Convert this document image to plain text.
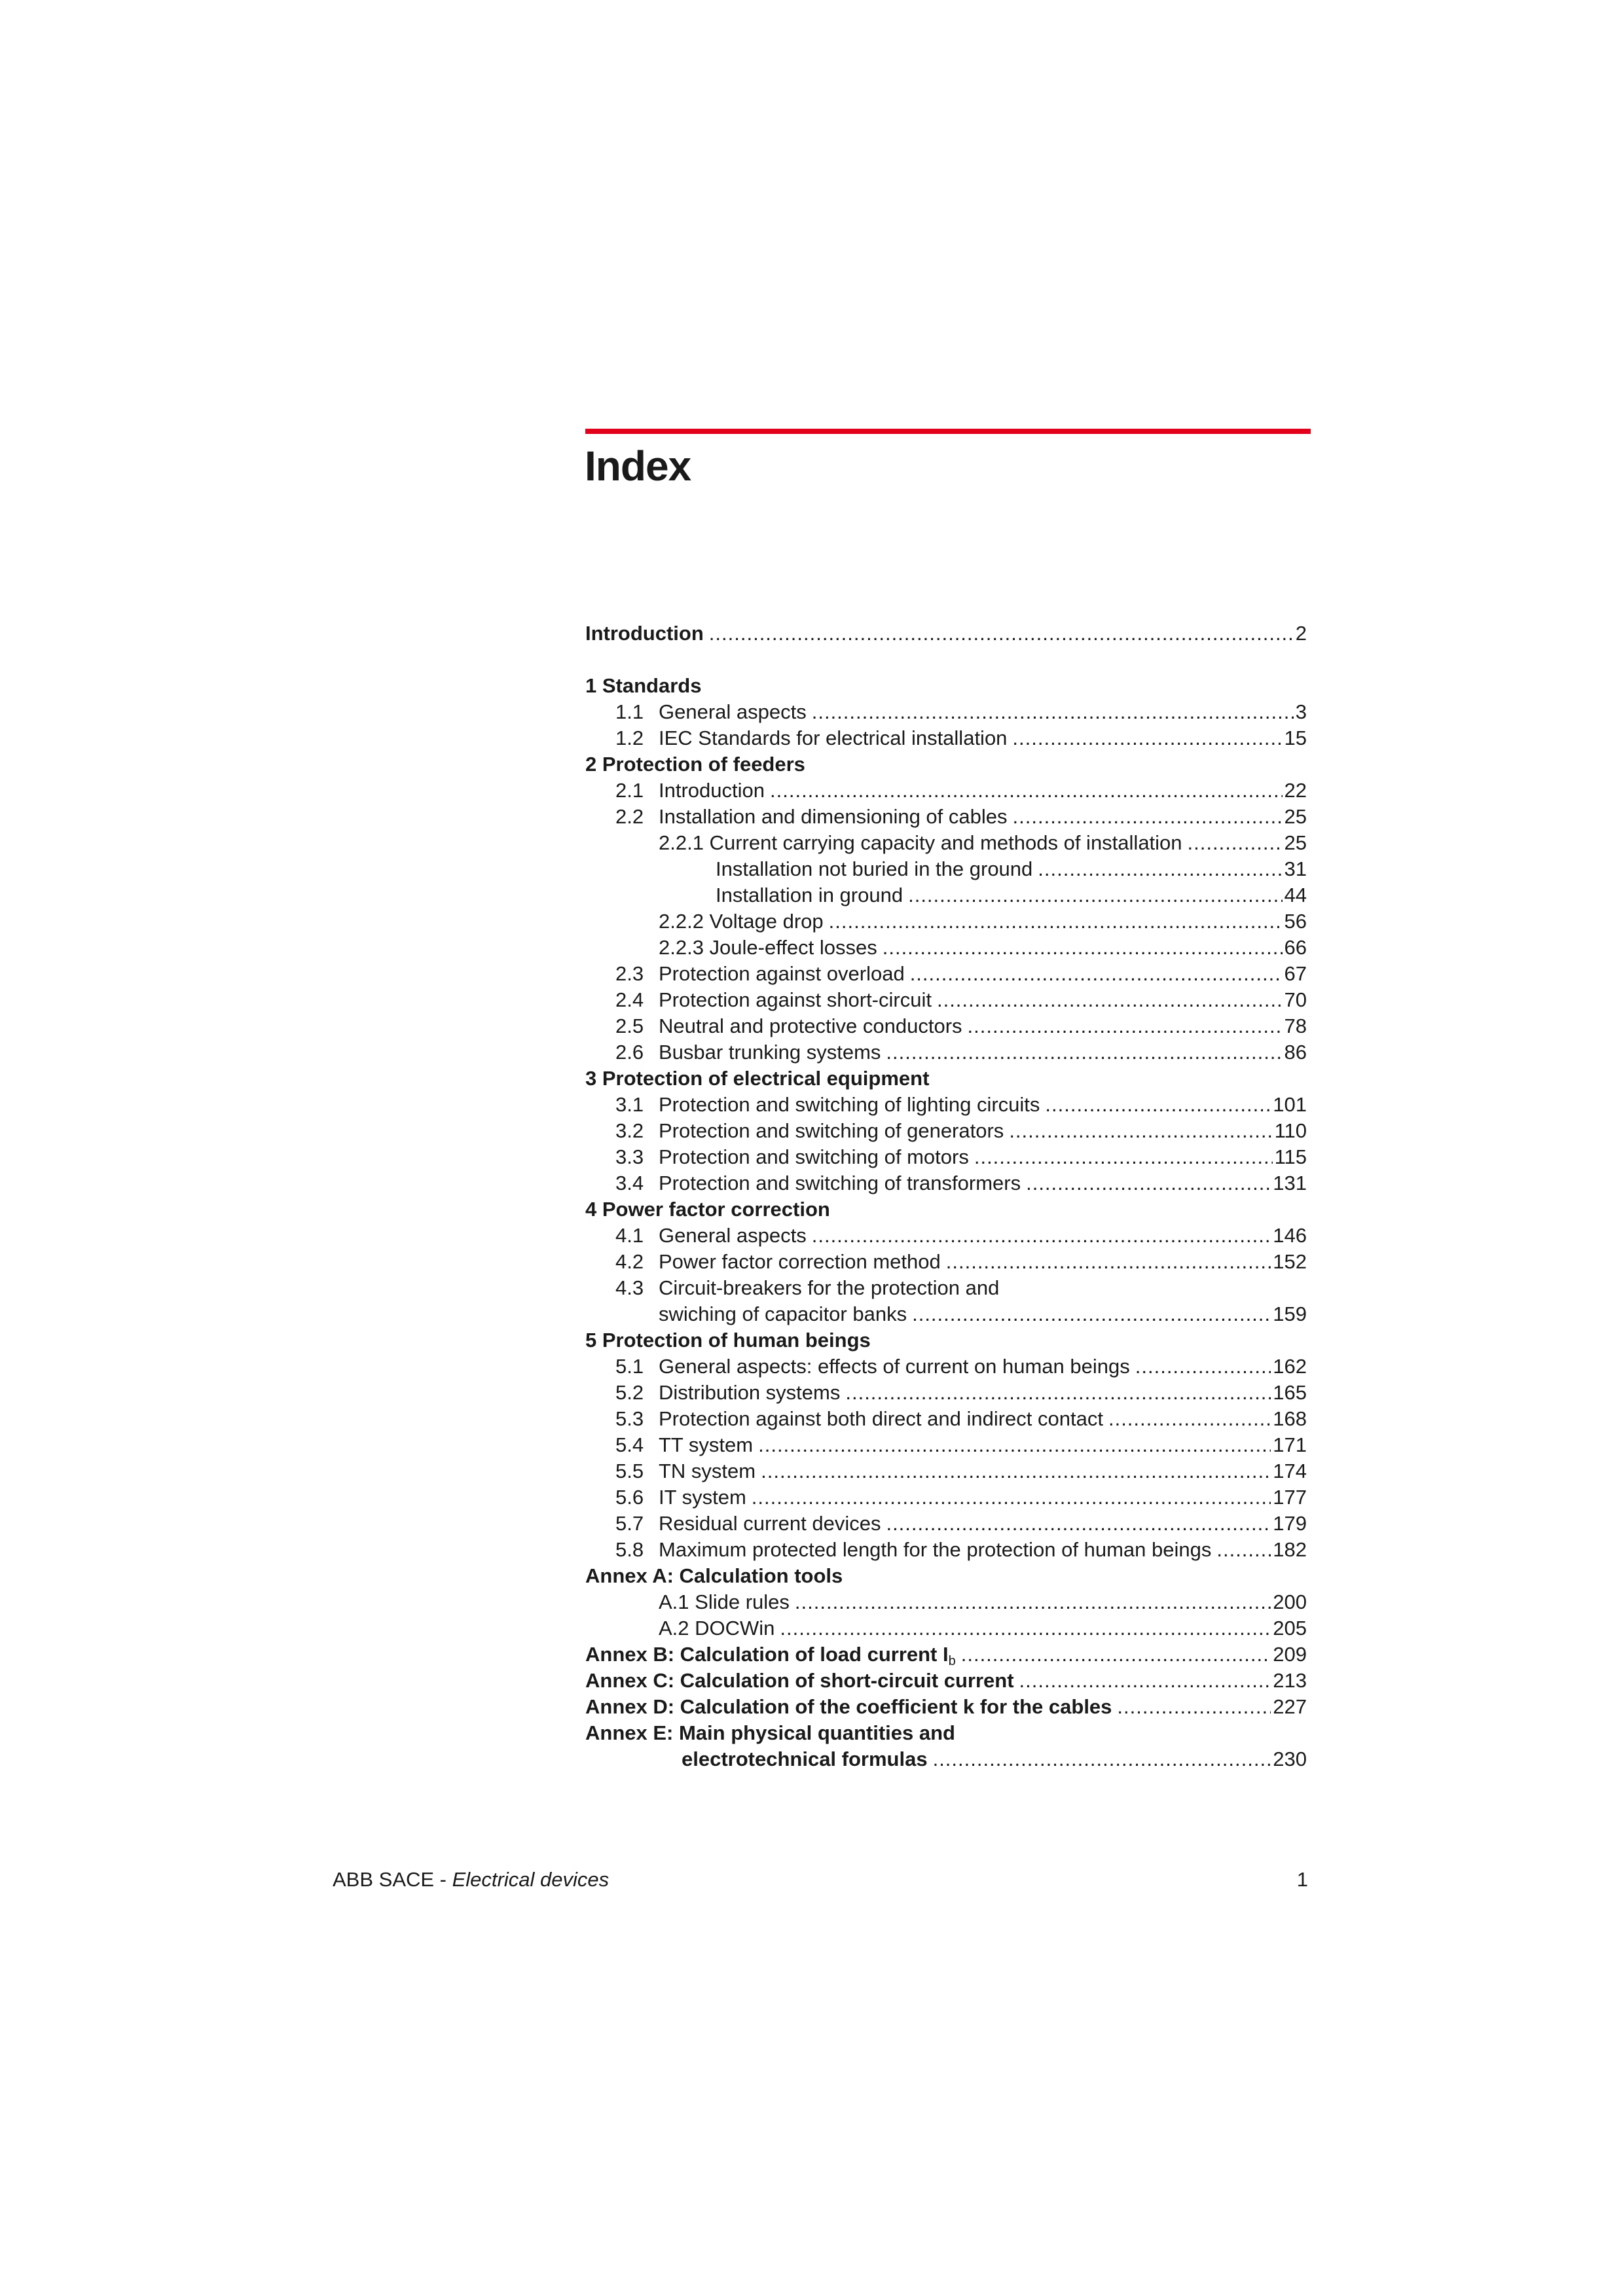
Index
Introduction .....	2
1 Standards
1.1 General aspects .....	3
1.2 IEC Standards for electrical installation .....	15
2 Protection of feeders
2.1 Introduction .....	22
2.2 Installation and dimensioning of cables .....	25
2.2.1 Current carrying capacity and methods of installation .....	25
Installation not buried in the ground .....	31
Installation in ground .....	44
2.2.2 Voltage drop .....	56
2.2.3 Joule-effect losses .....	66
2.3 Protection against overload .....	67
2.4 Protection against short-circuit .....	70
2.5 Neutral and protective conductors .....	78
2.6 Busbar trunking systems .....	86
3 Protection of electrical equipment
3.1 Protection and switching of lighting circuits .....	101
3.2 Protection and switching of generators .....	110
3.3 Protection and switching of motors .....	115
3.4 Protection and switching of transformers .....	131
4 Power factor correction
4.1 General aspects .....	146
4.2 Power factor correction method .....	152
4.3 Circuit-breakers for the protection and
swiching of capacitor banks .....	159
5 Protection of human beings
5.1 General aspects: effects of current on human beings .....	162
5.2 Distribution systems .....	165
5.3 Protection against both direct and indirect contact .....	168
5.4 TT system .....	171
5.5 TN system .....	174
5.6 IT system .....	177
5.7 Residual current devices .....	179
5.8 Maximum protected length for the protection of human beings .....	182
Annex A: Calculation tools
A.1 Slide rules .....	200
A.2 DOCWin .....	205
Annex B: Calculation of load current $I_b$ .....	209
Annex C: Calculation of short-circuit current .....	213
Annex D: Calculation of the coefficient k for the cables .....	227
Annex E: Main physical quantities and
electrotechnical formulas .....	230
ABB SACE - Electrical devices	1
